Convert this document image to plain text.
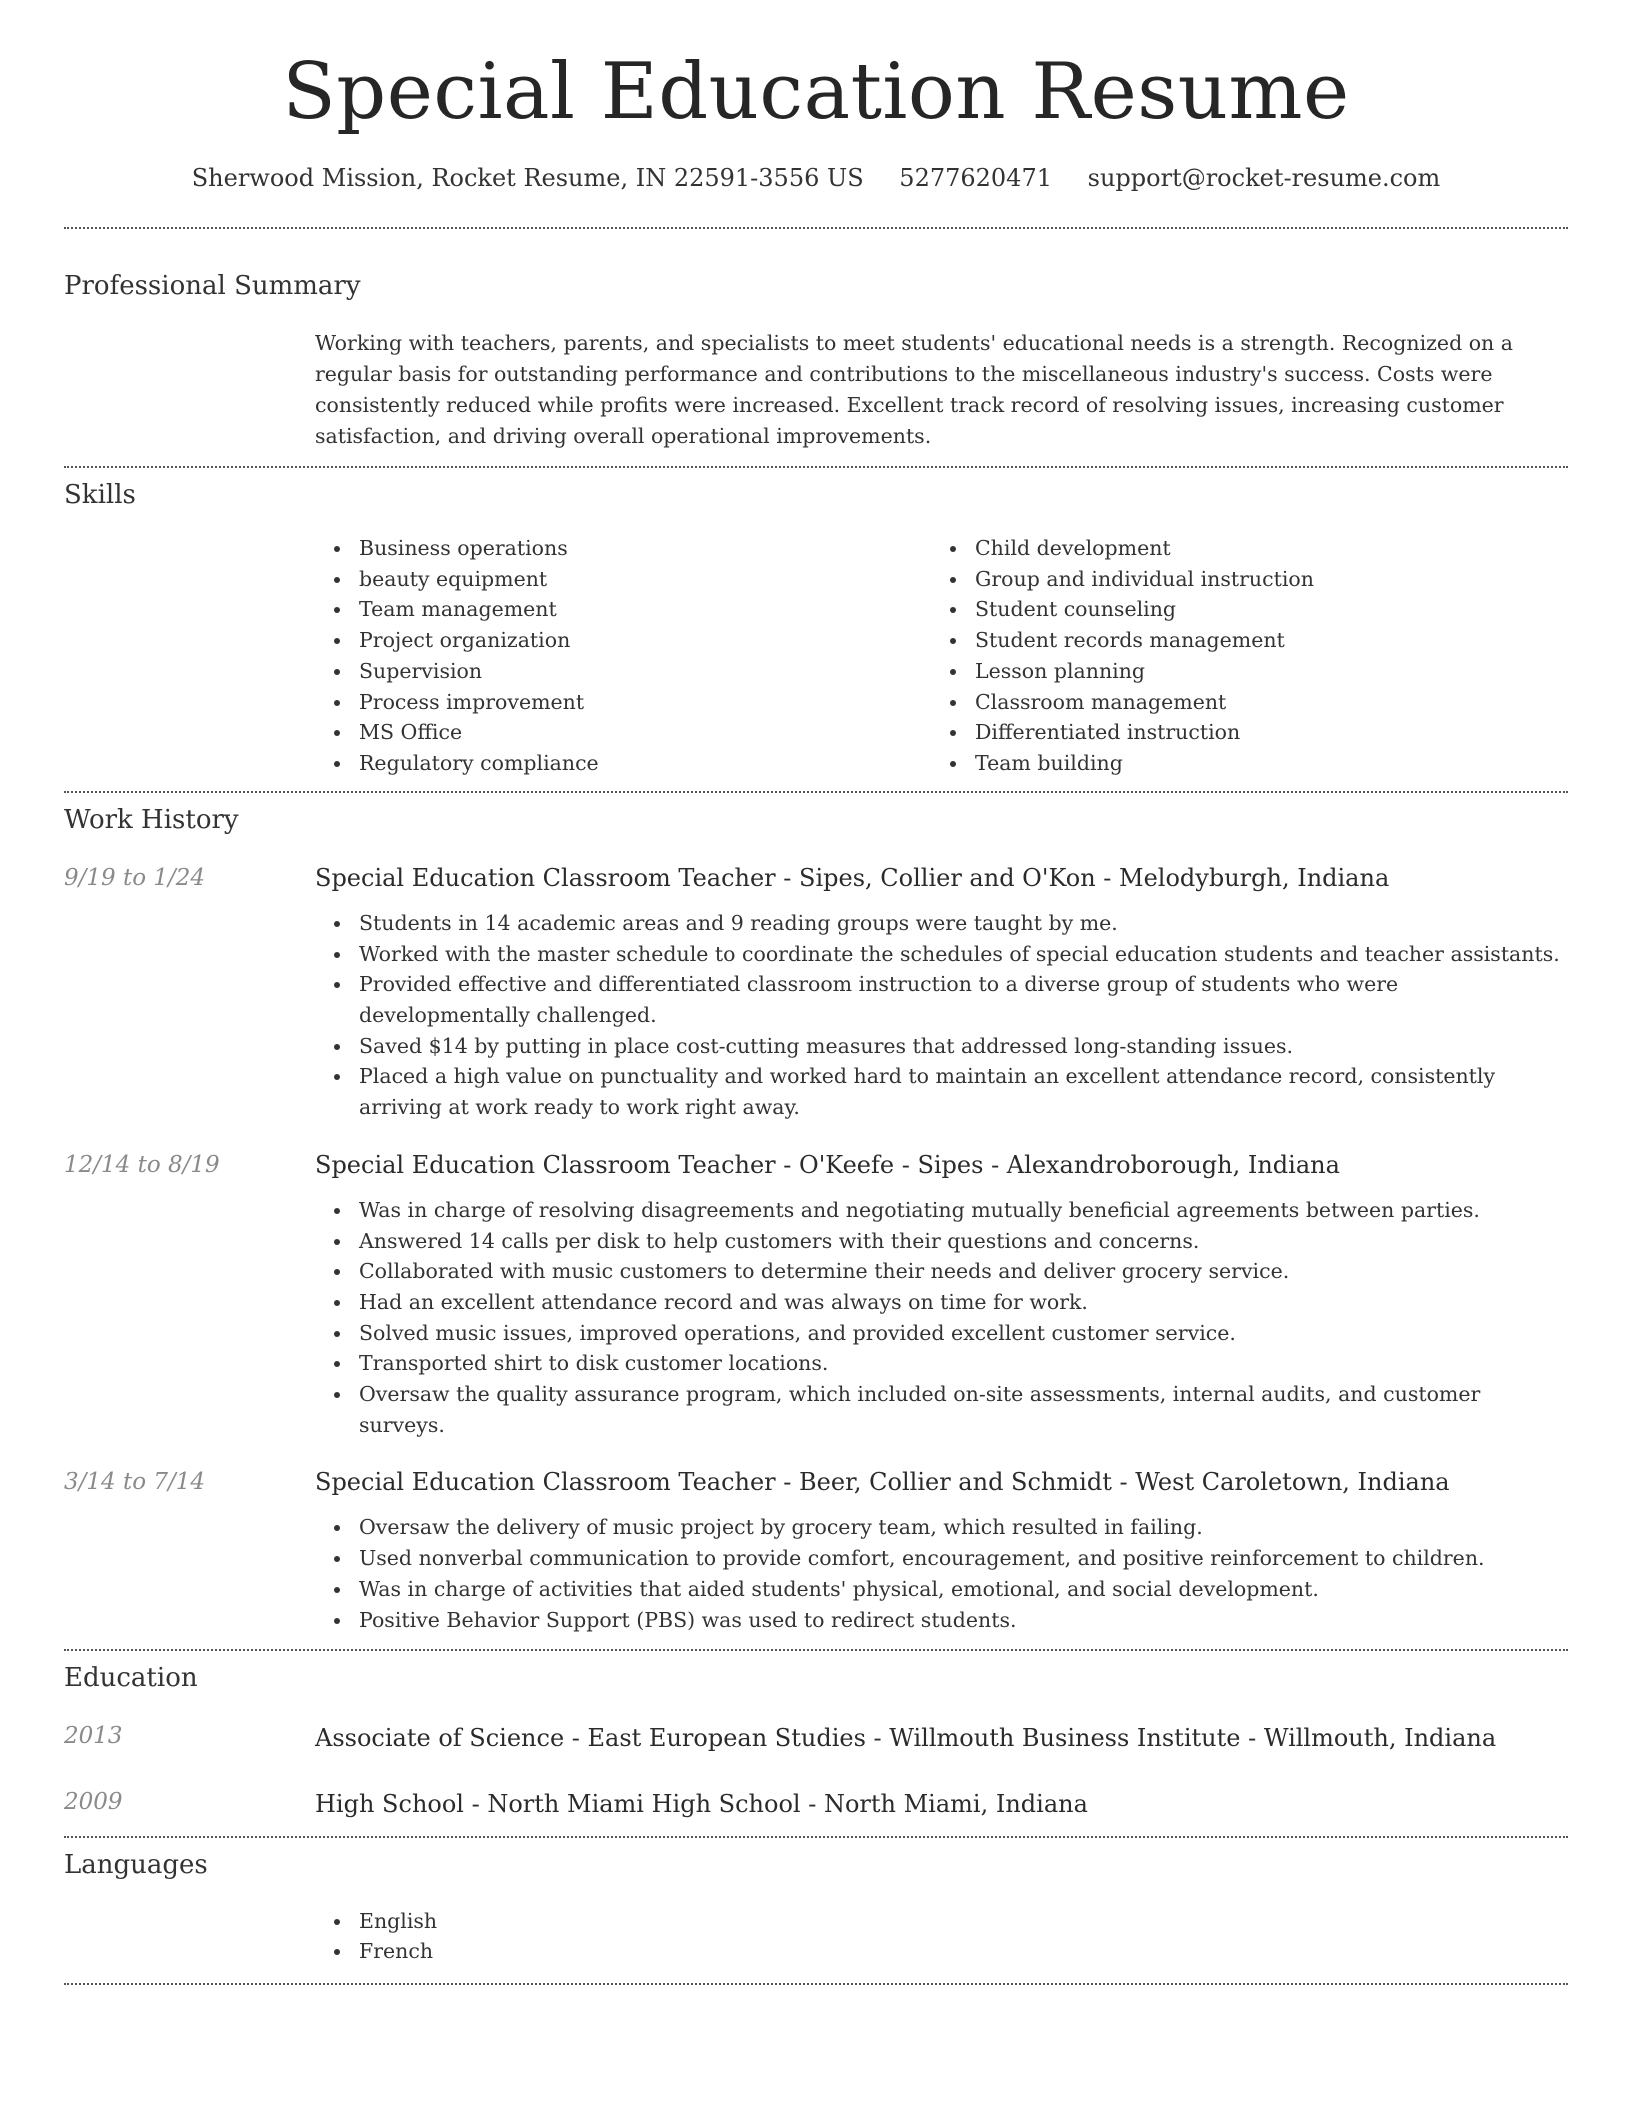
Special Education Resume
Sherwood Mission, Rocket Resume, IN 22591-3556 US 5277620471 support@rocket-resume.com
Professional Summary
Working with teachers, parents, and specialists to meet students' educational needs is a strength. Recognized on a regular basis for outstanding performance and contributions to the miscellaneous industry's success. Costs were consistently reduced while profits were increased. Excellent track record of resolving issues, increasing customer satisfaction, and driving overall operational improvements.
Skills
Business operations
beauty equipment
Team management
Project organization
Supervision
Process improvement
MS Office
Regulatory compliance
Child development
Group and individual instruction
Student counseling
Student records management
Lesson planning
Classroom management
Differentiated instruction
Team building
Work History
9/19 to 1/24	Special Education Classroom Teacher - Sipes, Collier and O'Kon - Melodyburgh, Indiana
Students in 14 academic areas and 9 reading groups were taught by me.
Worked with the master schedule to coordinate the schedules of special education students and teacher assistants.
Provided effective and differentiated classroom instruction to a diverse group of students who were developmentally challenged.
Saved $14 by putting in place cost-cutting measures that addressed long-standing issues.
Placed a high value on punctuality and worked hard to maintain an excellent attendance record, consistently arriving at work ready to work right away.
12/14 to 8/19	Special Education Classroom Teacher - O'Keefe - Sipes - Alexandroborough, Indiana
Was in charge of resolving disagreements and negotiating mutually beneficial agreements between parties.
Answered 14 calls per disk to help customers with their questions and concerns.
Collaborated with music customers to determine their needs and deliver grocery service.
Had an excellent attendance record and was always on time for work.
Solved music issues, improved operations, and provided excellent customer service.
Transported shirt to disk customer locations.
Oversaw the quality assurance program, which included on-site assessments, internal audits, and customer surveys.
3/14 to 7/14	Special Education Classroom Teacher - Beer, Collier and Schmidt - West Caroletown, Indiana
Oversaw the delivery of music project by grocery team, which resulted in failing.
Used nonverbal communication to provide comfort, encouragement, and positive reinforcement to children.
Was in charge of activities that aided students' physical, emotional, and social development.
Positive Behavior Support (PBS) was used to redirect students.
Education
2013	Associate of Science - East European Studies - Willmouth Business Institute - Willmouth, Indiana
2009	High School - North Miami High School - North Miami, Indiana
Languages
English
French
